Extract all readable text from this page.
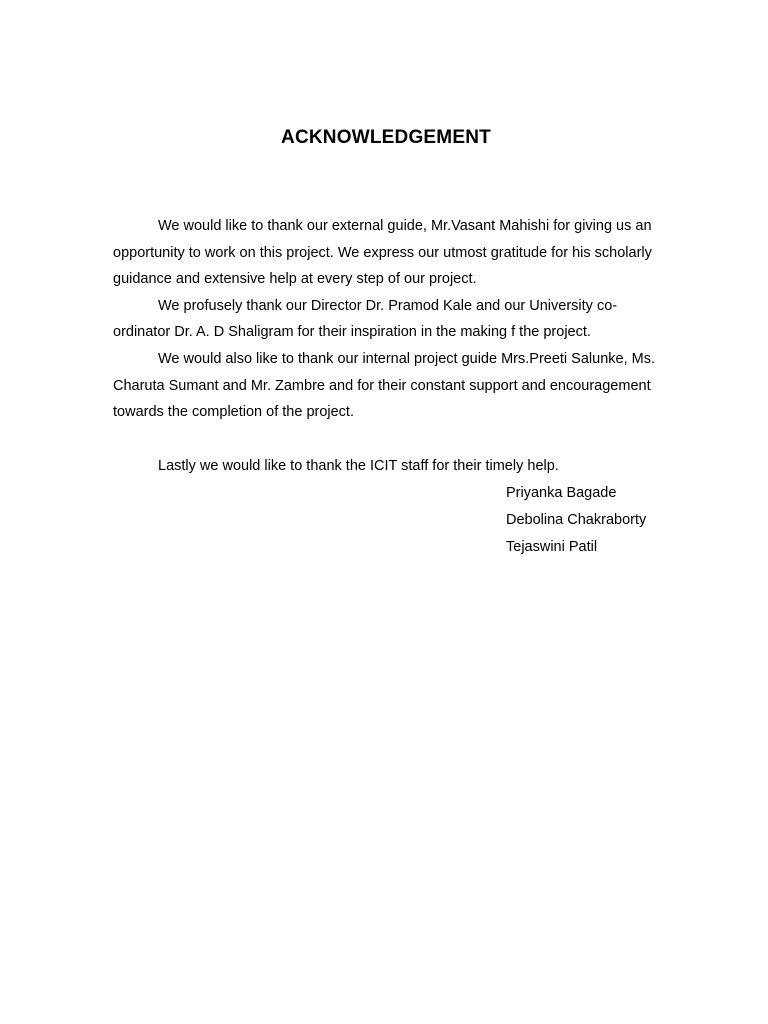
ACKNOWLEDGEMENT

We would like to thank our external guide, Mr.Vasant Mahishi for giving us an opportunity to work on this project. We express our utmost gratitude for his scholarly guidance and extensive help at every step of our project.

We profusely thank our Director Dr. Pramod Kale and our University co-ordinator Dr. A. D Shaligram for their inspiration in the making f the project.

We would also like to thank our internal project guide Mrs.Preeti Salunke, Ms. Charuta Sumant and Mr. Zambre and for their constant support and encouragement towards the completion of the project.

Lastly we would like to thank the ICIT staff for their timely help.

Priyanka Bagade
Debolina Chakraborty
Tejaswini Patil
